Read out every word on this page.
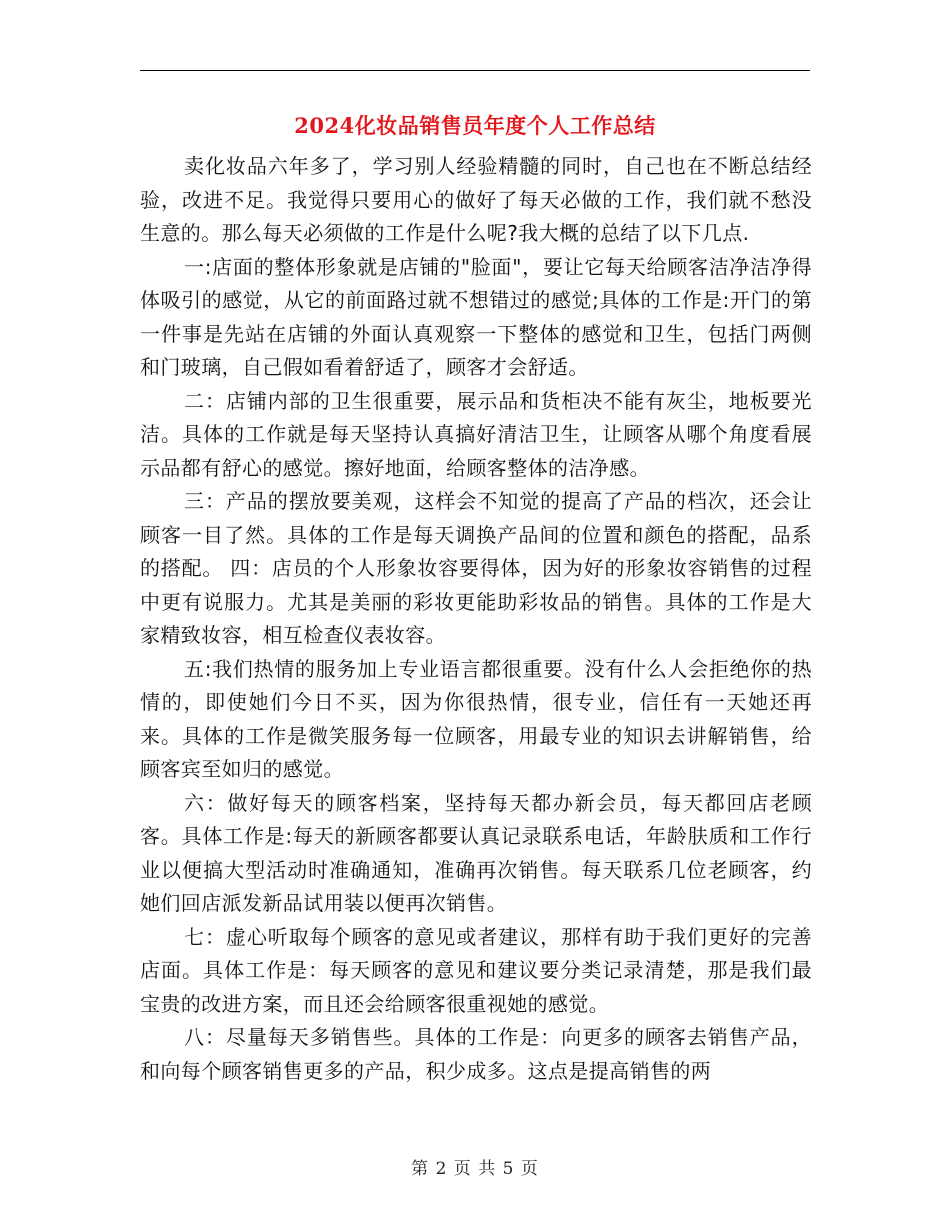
2024化妆品销售员年度个人工作总结

卖化妆品六年多了，学习别人经验精髓的同时，自己也在不断总结经验，改进不足。我觉得只要用心的做好了每天必做的工作，我们就不愁没生意的。那么每天必须做的工作是什么呢?我大概的总结了以下几点.

一:店面的整体形象就是店铺的"脸面"，要让它每天给顾客洁净洁净得体吸引的感觉，从它的前面路过就不想错过的感觉;具体的工作是:开门的第一件事是先站在店铺的外面认真观察一下整体的感觉和卫生，包括门两侧和门玻璃，自己假如看着舒适了，顾客才会舒适。

二：店铺内部的卫生很重要，展示品和货柜决不能有灰尘，地板要光洁。具体的工作就是每天坚持认真搞好清洁卫生，让顾客从哪个角度看展示品都有舒心的感觉。擦好地面，给顾客整体的洁净感。

三：产品的摆放要美观，这样会不知觉的提高了产品的档次，还会让顾客一目了然。具体的工作是每天调换产品间的位置和颜色的搭配，品系的搭配。 四：店员的个人形象妆容要得体，因为好的形象妆容销售的过程中更有说服力。尤其是美丽的彩妆更能助彩妆品的销售。具体的工作是大家精致妆容，相互检查仪表妆容。

五:我们热情的服务加上专业语言都很重要。没有什么人会拒绝你的热情的，即使她们今日不买，因为你很热情，很专业，信任有一天她还再来。具体的工作是微笑服务每一位顾客，用最专业的知识去讲解销售，给顾客宾至如归的感觉。

六：做好每天的顾客档案，坚持每天都办新会员，每天都回店老顾客。具体工作是:每天的新顾客都要认真记录联系电话，年龄肤质和工作行业以便搞大型活动时准确通知，准确再次销售。每天联系几位老顾客，约她们回店派发新品试用装以便再次销售。

七：虚心听取每个顾客的意见或者建议，那样有助于我们更好的完善店面。具体工作是：每天顾客的意见和建议要分类记录清楚，那是我们最宝贵的改进方案，而且还会给顾客很重视她的感觉。

八：尽量每天多销售些。具体的工作是：向更多的顾客去销售产品，和向每个顾客销售更多的产品，积少成多。这点是提高销售的两

第 2 页 共 5 页
